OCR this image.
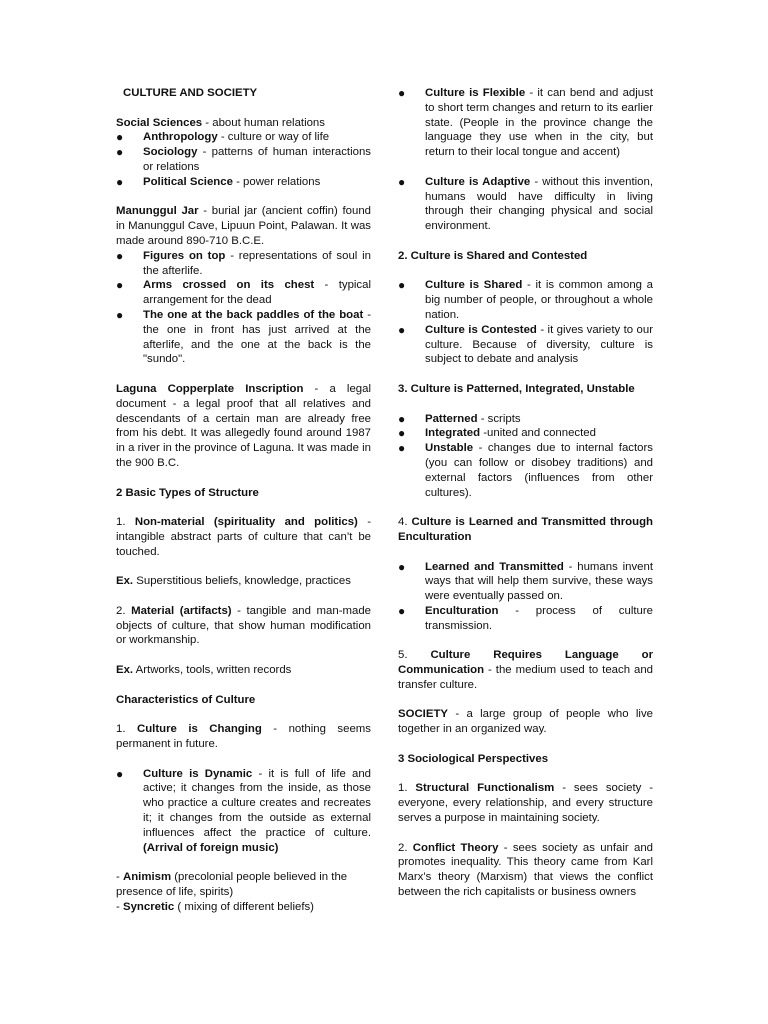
CULTURE AND SOCIETY

Social Sciences - about human relations

● Anthropology - culture or way of life
● Sociology - patterns of human interactions or relations
● Political Science - power relations

Manunggul Jar - burial jar (ancient coffin) found in Manunggul Cave, Lipuun Point, Palawan. It was made around 890-710 B.C.E.

● Figures on top - representations of soul in the afterlife.
● Arms crossed on its chest - typical arrangement for the dead
● The one at the back paddles of the boat - the one in front has just arrived at the afterlife, and the one at the back is the "sundo".

Laguna Copperplate Inscription - a legal document - a legal proof that all relatives and descendants of a certain man are already free from his debt. It was allegedly found around 1987 in a river in the province of Laguna. It was made in the 900 B.C.

2 Basic Types of Structure

1. Non-material (spirituality and politics) - intangible abstract parts of culture that can’t be touched.

Ex. Superstitious beliefs, knowledge, practices

2. Material (artifacts) - tangible and man-made objects of culture, that show human modification or workmanship.

Ex. Artworks, tools, written records

Characteristics of Culture

1. Culture is Changing - nothing seems permanent in future.

● Culture is Dynamic - it is full of life and active; it changes from the inside, as those who practice a culture creates and recreates it; it changes from the outside as external influences affect the practice of culture. (Arrival of foreign music)

- Animism (precolonial people believed in the presence of life, spirits)

- Syncretic ( mixing of different beliefs)

● Culture is Flexible - it can bend and adjust to short term changes and return to its earlier state. (People in the province change the language they use when in the city, but return to their local tongue and accent)
● Culture is Adaptive - without this invention, humans would have difficulty in living through their changing physical and social environment.

2. Culture is Shared and Contested

● Culture is Shared - it is common among a big number of people, or throughout a whole nation.
● Culture is Contested - it gives variety to our culture. Because of diversity, culture is subject to debate and analysis

3. Culture is Patterned, Integrated, Unstable

● Patterned - scripts
● Integrated -united and connected
● Unstable - changes due to internal factors (you can follow or disobey traditions) and external factors (influences from other cultures).

4. Culture is Learned and Transmitted through Enculturation

● Learned and Transmitted - humans invent ways that will help them survive, these ways were eventually passed on.
● Enculturation - process of culture transmission.

5. Culture Requires Language or Communication - the medium used to teach and transfer culture.

SOCIETY - a large group of people who live together in an organized way.

3 Sociological Perspectives

1. Structural Functionalism - sees society - everyone, every relationship, and every structure serves a purpose in maintaining society.

2. Conflict Theory - sees society as unfair and promotes inequality. This theory came from Karl Marx’s theory (Marxism) that views the conflict between the rich capitalists or business owners
